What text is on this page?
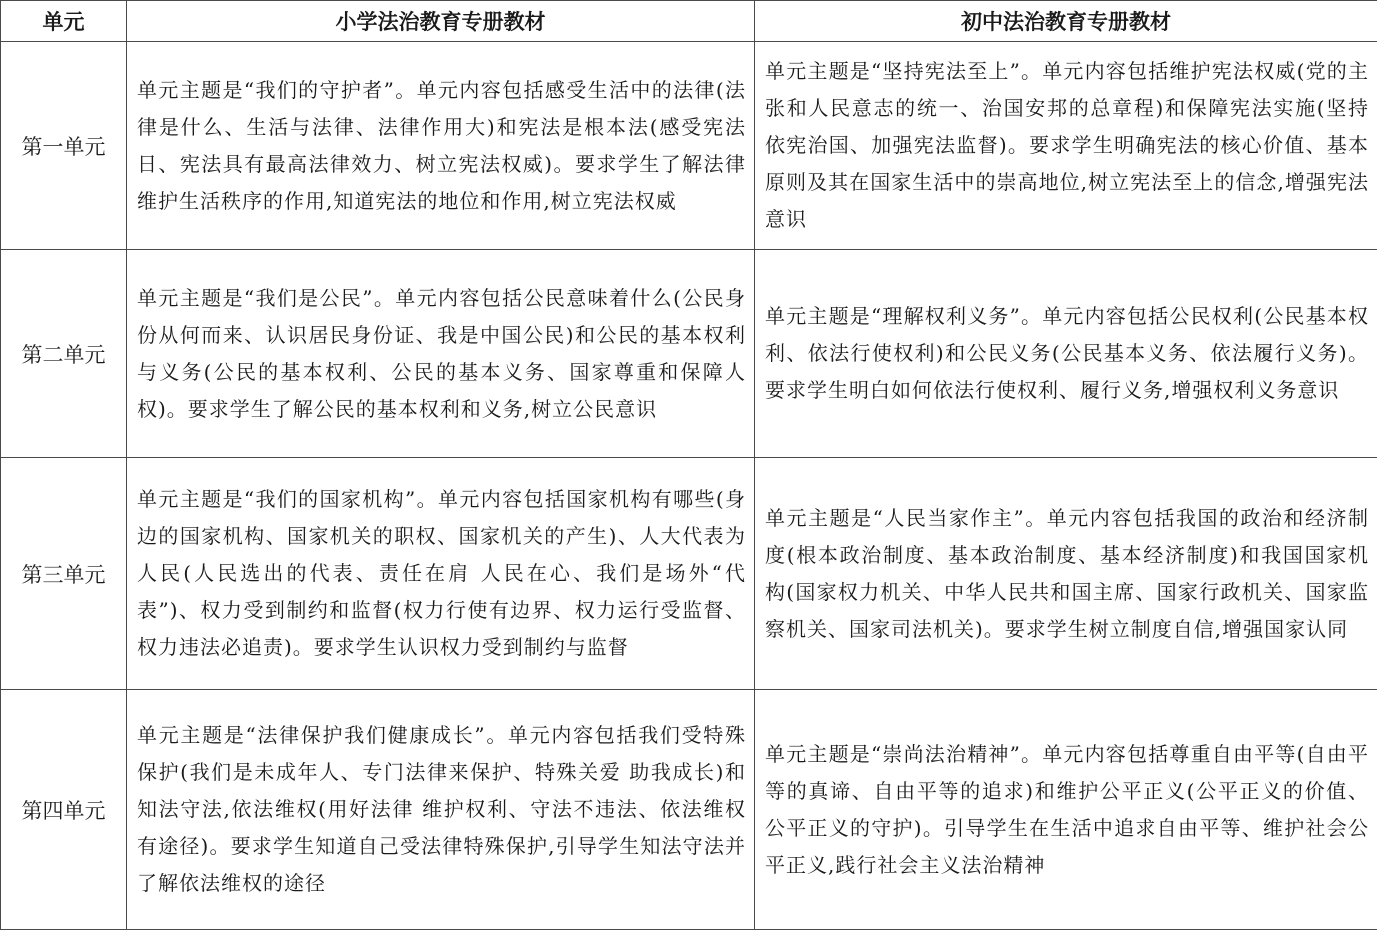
单元	小学法治教育专册教材	初中法治教育专册教材
第一单元	单元主题是“我们的守护者”。单元内容包括感受生活中的法律(法律是什么、生活与法律、法律作用大)和宪法是根本法(感受宪法日、宪法具有最高法律效力、树立宪法权威)。要求学生了解法律维护生活秩序的作用,知道宪法的地位和作用,树立宪法权威	单元主题是“坚持宪法至上”。单元内容包括维护宪法权威(党的主张和人民意志的统一、治国安邦的总章程)和保障宪法实施(坚持依宪治国、加强宪法监督)。要求学生明确宪法的核心价值、基本原则及其在国家生活中的崇高地位,树立宪法至上的信念,增强宪法意识
第二单元	单元主题是“我们是公民”。单元内容包括公民意味着什么(公民身份从何而来、认识居民身份证、我是中国公民)和公民的基本权利与义务(公民的基本权利、公民的基本义务、国家尊重和保障人权)。要求学生了解公民的基本权利和义务,树立公民意识	单元主题是“理解权利义务”。单元内容包括公民权利(公民基本权利、依法行使权利)和公民义务(公民基本义务、依法履行义务)。要求学生明白如何依法行使权利、履行义务,增强权利义务意识
第三单元	单元主题是“我们的国家机构”。单元内容包括国家机构有哪些(身边的国家机构、国家机关的职权、国家机关的产生)、人大代表为人民(人民选出的代表、责任在肩 人民在心、我们是场外“代表”)、权力受到制约和监督(权力行使有边界、权力运行受监督、权力违法必追责)。要求学生认识权力受到制约与监督	单元主题是“人民当家作主”。单元内容包括我国的政治和经济制度(根本政治制度、基本政治制度、基本经济制度)和我国国家机构(国家权力机关、中华人民共和国主席、国家行政机关、国家监察机关、国家司法机关)。要求学生树立制度自信,增强国家认同
第四单元	单元主题是“法律保护我们健康成长”。单元内容包括我们受特殊保护(我们是未成年人、专门法律来保护、特殊关爱 助我成长)和知法守法,依法维权(用好法律 维护权利、守法不违法、依法维权有途径)。要求学生知道自己受法律特殊保护,引导学生知法守法并了解依法维权的途径	单元主题是“崇尚法治精神”。单元内容包括尊重自由平等(自由平等的真谛、自由平等的追求)和维护公平正义(公平正义的价值、公平正义的守护)。引导学生在生活中追求自由平等、维护社会公平正义,践行社会主义法治精神
